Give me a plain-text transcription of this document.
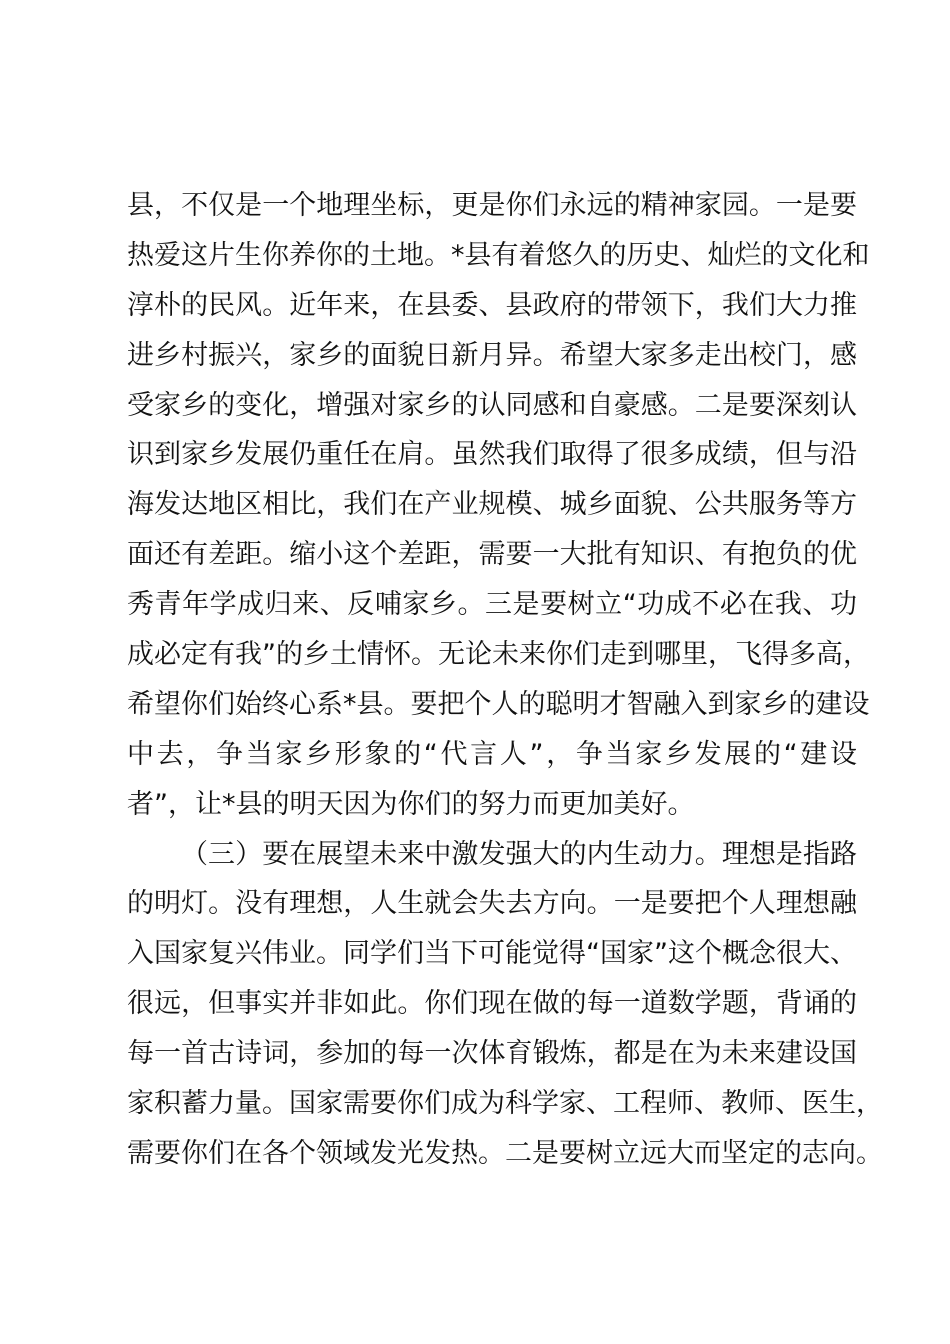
县，不仅是一个地理坐标，更是你们永远的精神家园。一是要
热爱这片生你养你的土地。*县有着悠久的历史、灿烂的文化和
淳朴的民风。近年来，在县委、县政府的带领下，我们大力推
进乡村振兴，家乡的面貌日新月异。希望大家多走出校门，感
受家乡的变化，增强对家乡的认同感和自豪感。二是要深刻认
识到家乡发展仍重任在肩。虽然我们取得了很多成绩，但与沿
海发达地区相比，我们在产业规模、城乡面貌、公共服务等方
面还有差距。缩小这个差距，需要一大批有知识、有抱负的优
秀青年学成归来、反哺家乡。三是要树立“功成不必在我、功
成必定有我”的乡土情怀。无论未来你们走到哪里，飞得多高，
希望你们始终心系*县。要把个人的聪明才智融入到家乡的建设
中去，争当家乡形象的“代言人”，争当家乡发展的“建设
者”，让*县的明天因为你们的努力而更加美好。
（三）要在展望未来中激发强大的内生动力。理想是指路
的明灯。没有理想，人生就会失去方向。一是要把个人理想融
入国家复兴伟业。同学们当下可能觉得“国家”这个概念很大、
很远，但事实并非如此。你们现在做的每一道数学题，背诵的
每一首古诗词，参加的每一次体育锻炼，都是在为未来建设国
家积蓄力量。国家需要你们成为科学家、工程师、教师、医生，
需要你们在各个领域发光发热。二是要树立远大而坚定的志向。
